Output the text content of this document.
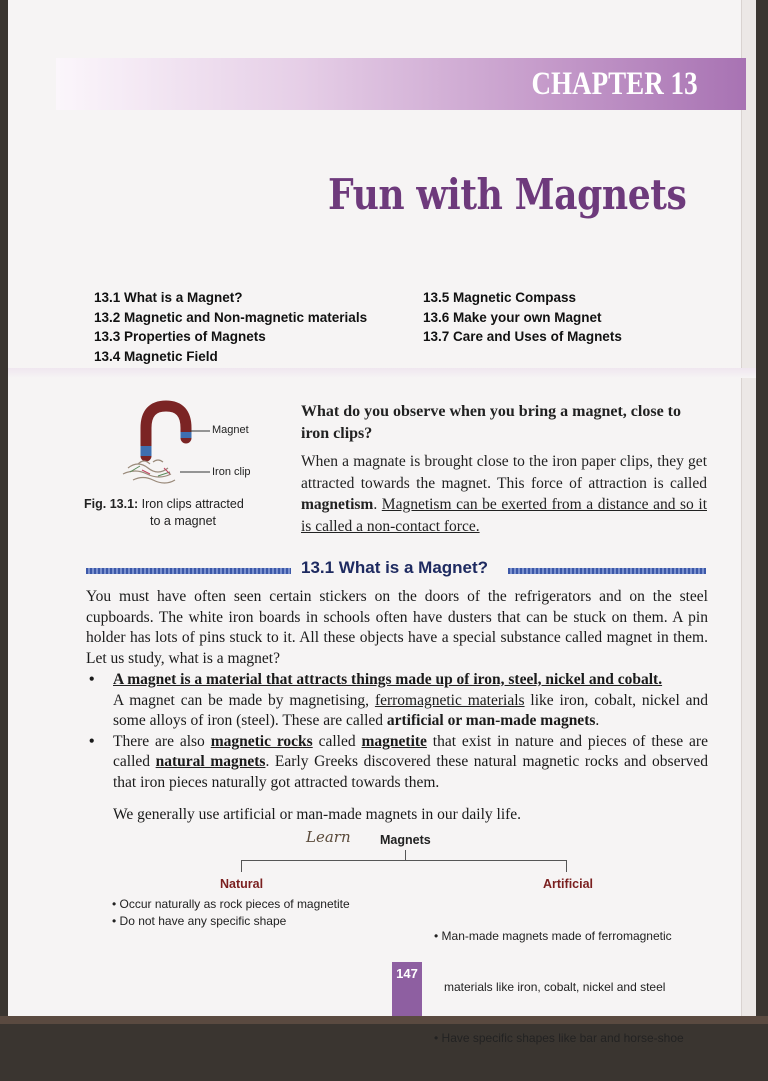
CHAPTER 13
Fun with Magnets
13.1 What is a Magnet?
13.2 Magnetic and Non-magnetic materials
13.3 Properties of Magnets
13.4 Magnetic Field
13.5 Magnetic Compass
13.6 Make your own Magnet
13.7 Care and Uses of Magnets
Magnet
Iron clip
Fig. 13.1: Iron clips attracted
to a magnet
What do you observe when you bring a magnet, close to iron clips?
When a magnate is brought close to the iron paper clips, they get attracted towards the magnet. This force of attraction is called magnetism. Magnetism can be exerted from a distance and so it is called a non-contact force.
13.1 What is a Magnet?
You must have often seen certain stickers on the doors of the refrigerators and on the steel cupboards. The white iron boards in schools often have dusters that can be stuck on them. A pin holder has lots of pins stuck to it. All these objects have a special substance called magnet in them. Let us study, what is a magnet?
• A magnet is a material that attracts things made up of iron, steel, nickel and cobalt.
A magnet can be made by magnetising, ferromagnetic materials like iron, cobalt, nickel and some alloys of iron (steel). These are called artificial or man-made magnets.
• There are also magnetic rocks called magnetite that exist in nature and pieces of these are called natural magnets. Early Greeks discovered these natural magnetic rocks and observed that iron pieces naturally got attracted towards them.
We generally use artificial or man-made magnets in our daily life.
Learn Magnets
Natural	Artificial
• Occur naturally as rock pieces of magnetite
• Do not have any specific shape

• Man-made magnets made of ferromagnetic

materials like iron, cobalt, nickel and steel

• Have specific shapes like bar and horse-shoe

147
